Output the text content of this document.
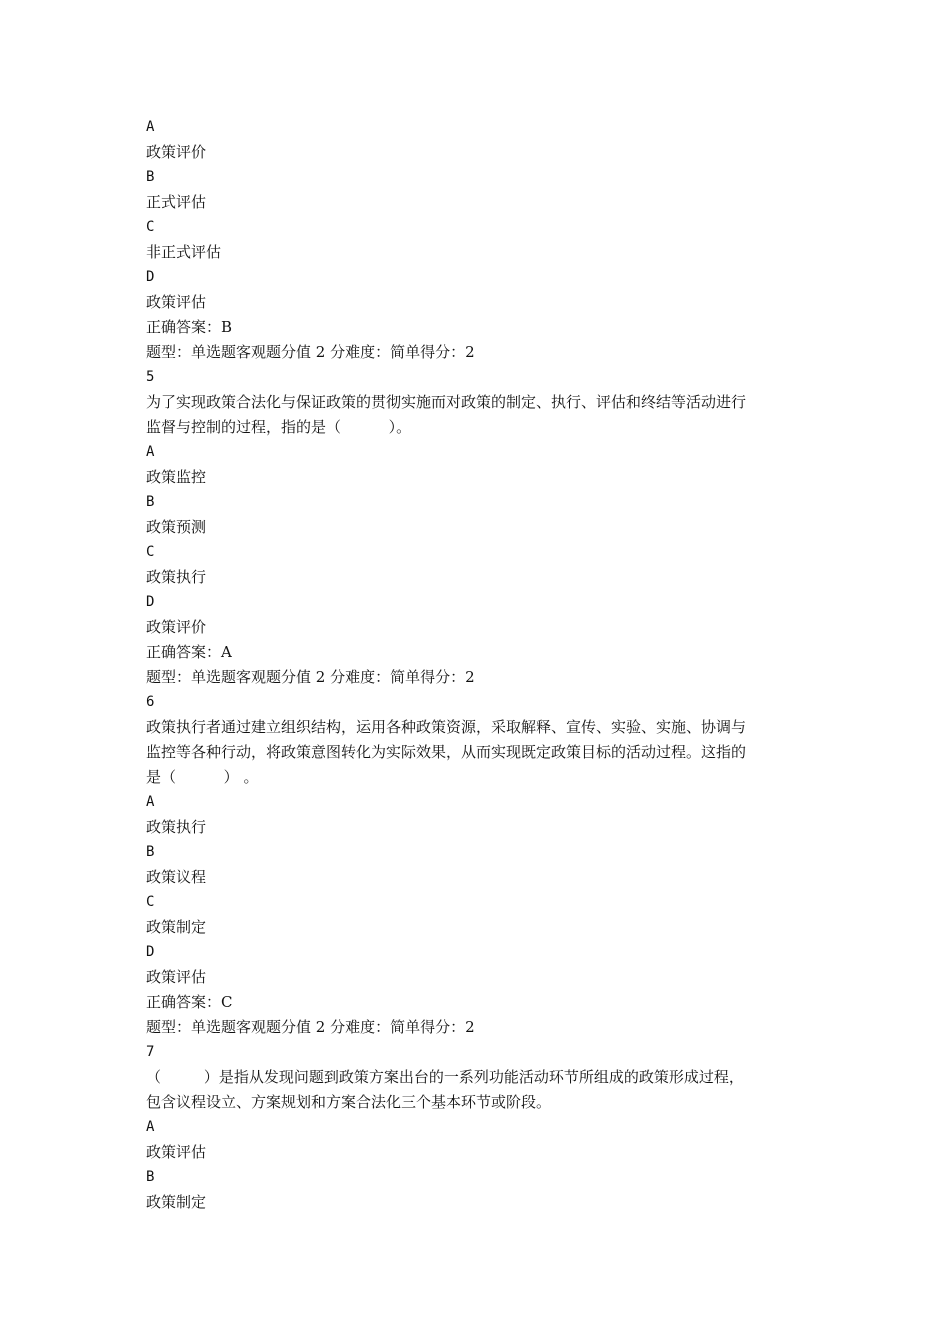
A
政策评价
B
正式评估
C
非正式评估
D
政策评估
正确答案：B
题型：单选题客观题分值 2 分难度：简单得分：2
5
为了实现政策合法化与保证政策的贯彻实施而对政策的制定、执行、评估和终结等活动进行
监督与控制的过程，指的是（          ）。
A
政策监控
B
政策预测
C
政策执行
D
政策评价
正确答案：A
题型：单选题客观题分值 2 分难度：简单得分：2
6
政策执行者通过建立组织结构，运用各种政策资源，采取解释、宣传、实验、实施、协调与
监控等各种行动，将政策意图转化为实际效果，从而实现既定政策目标的活动过程。这指的
是（          ） 。
A
政策执行
B
政策议程
C
政策制定
D
政策评估
正确答案：C
题型：单选题客观题分值 2 分难度：简单得分：2
7
（         ）是指从发现问题到政策方案出台的一系列功能活动环节所组成的政策形成过程，
包含议程设立、方案规划和方案合法化三个基本环节或阶段。
A
政策评估
B
政策制定
